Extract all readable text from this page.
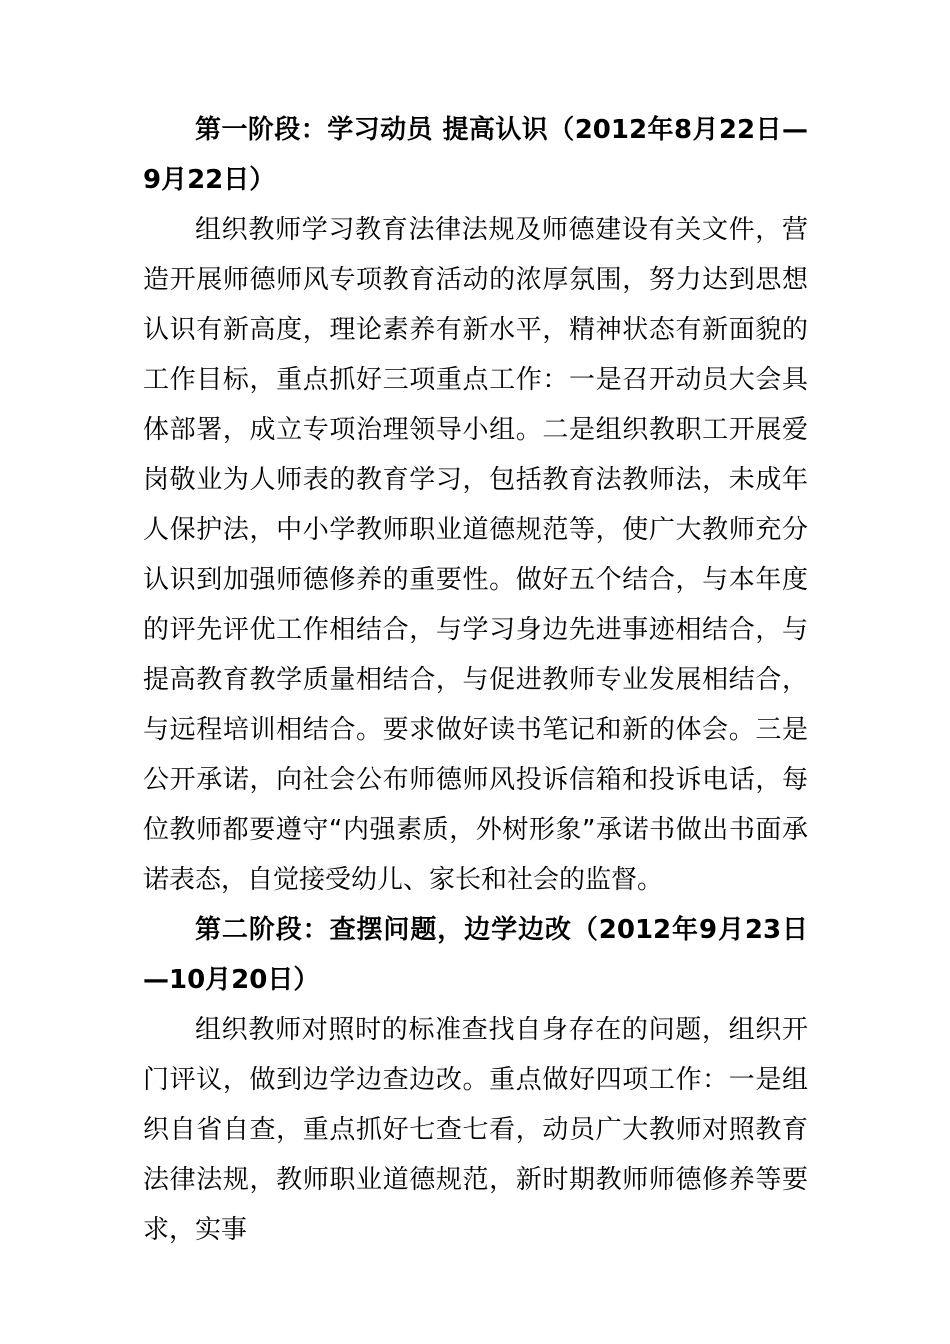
第一阶段：学习动员 提高认识（2012年8月22日—9月22日）

组织教师学习教育法律法规及师德建设有关文件，营造开展师德师风专项教育活动的浓厚氛围，努力达到思想认识有新高度，理论素养有新水平，精神状态有新面貌的工作目标，重点抓好三项重点工作：一是召开动员大会具体部署，成立专项治理领导小组。二是组织教职工开展爱岗敬业为人师表的教育学习，包括教育法教师法，未成年人保护法，中小学教师职业道德规范等，使广大教师充分认识到加强师德修养的重要性。做好五个结合，与本年度的评先评优工作相结合，与学习身边先进事迹相结合，与提高教育教学质量相结合，与促进教师专业发展相结合，与远程培训相结合。要求做好读书笔记和新的体会。三是公开承诺，向社会公布师德师风投诉信箱和投诉电话，每位教师都要遵守“内强素质，外树形象”承诺书做出书面承诺表态，自觉接受幼儿、家长和社会的监督。

第二阶段：查摆问题，边学边改（2012年9月23日—10月20日）

组织教师对照时的标准查找自身存在的问题，组织开门评议，做到边学边查边改。重点做好四项工作：一是组织自省自查，重点抓好七查七看，动员广大教师对照教育法律法规，教师职业道德规范，新时期教师师德修养等要求，实事
